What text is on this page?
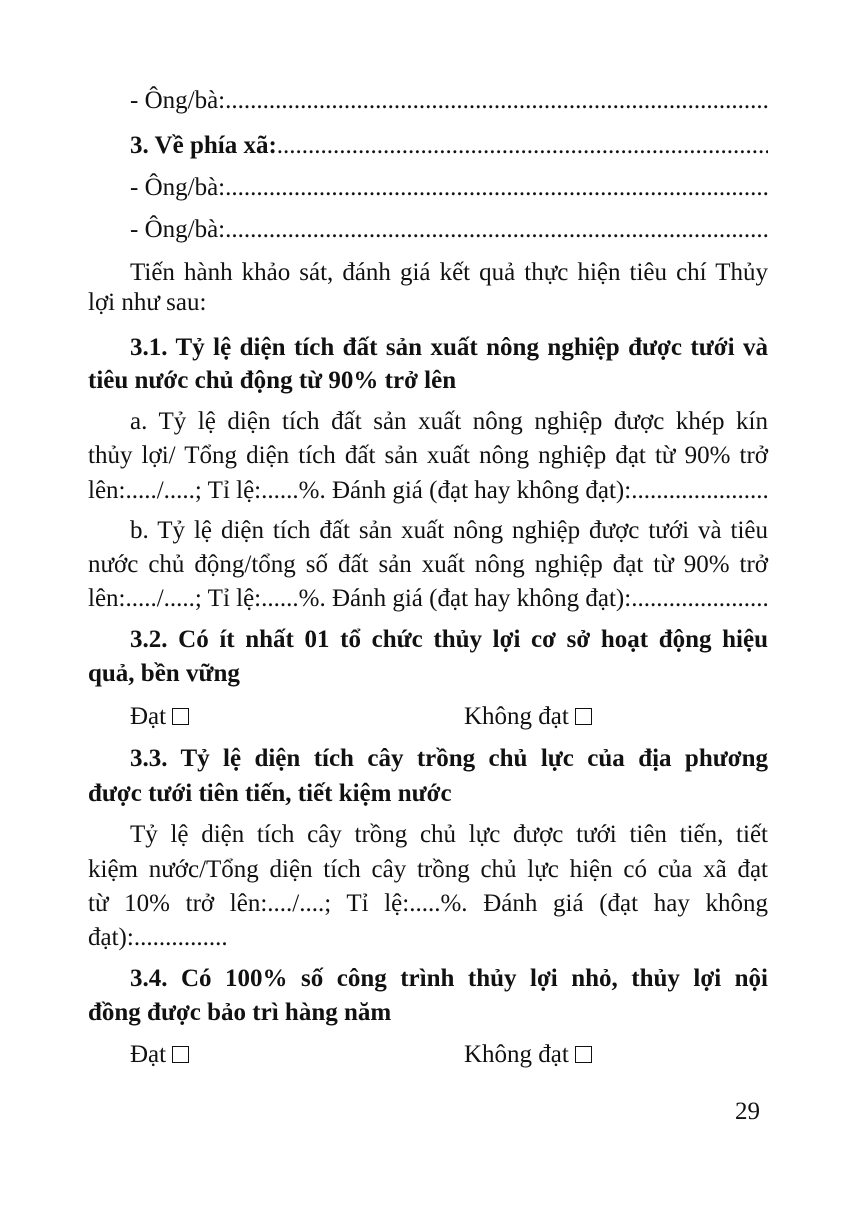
- Ông/bà:
.....
3. Về phía xã:
.....
- Ông/bà:
.....
- Ông/bà:
.....
Tiến hành khảo sát, đánh giá kết quả thực hiện tiêu chí Thủy
lợi như sau:
3.1. Tỷ lệ diện tích đất sản xuất nông nghiệp được tưới và
tiêu nước chủ động từ 90% trở lên
a. Tỷ lệ diện tích đất sản xuất nông nghiệp được khép kín
thủy lợi/ Tổng diện tích đất sản xuất nông nghiệp đạt từ 90% trở
lên:...../.....; Tỉ lệ:......%. Đánh giá (đạt hay không đạt):
.....
b. Tỷ lệ diện tích đất sản xuất nông nghiệp được tưới và tiêu
nước chủ động/tổng số đất sản xuất nông nghiệp đạt từ 90% trở
lên:...../.....; Tỉ lệ:......%. Đánh giá (đạt hay không đạt):
.....
3.2. Có ít nhất 01 tổ chức thủy lợi cơ sở hoạt động hiệu
quả, bền vững
Đạt	Không đạt
3.3. Tỷ lệ diện tích cây trồng chủ lực của địa phương
được tưới tiên tiến, tiết kiệm nước
Tỷ lệ diện tích cây trồng chủ lực được tưới tiên tiến, tiết
kiệm nước/Tổng diện tích cây trồng chủ lực hiện có của xã đạt
từ 10% trở lên:..../....; Tỉ lệ:.....%. Đánh giá (đạt hay không
đạt):...............
3.4. Có 100% số công trình thủy lợi nhỏ, thủy lợi nội
đồng được bảo trì hàng năm
Đạt	Không đạt
29
